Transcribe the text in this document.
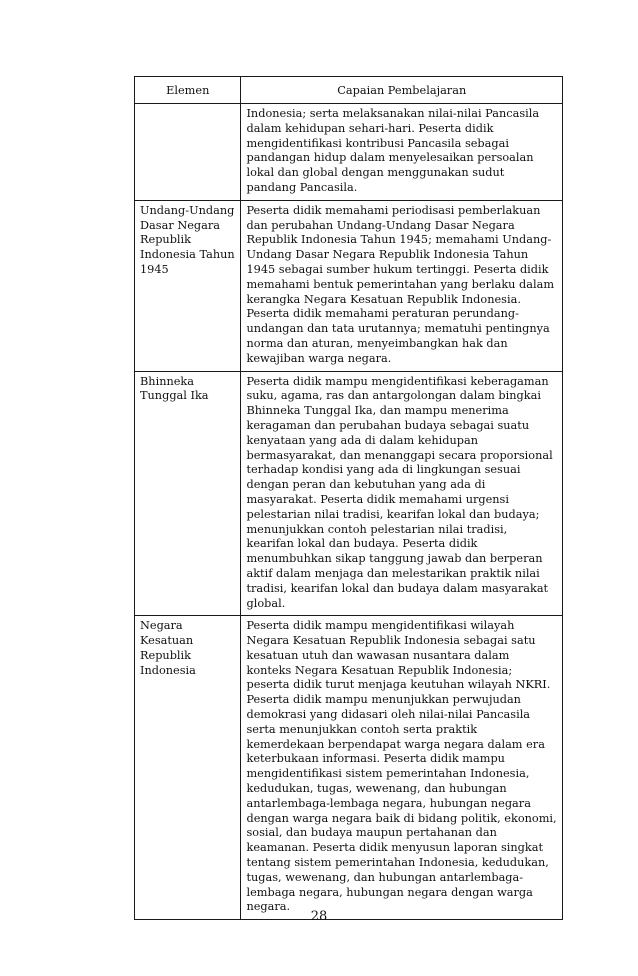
Elemen	Capaian Pembelajaran
	Indonesia; serta melaksanakan nilai-nilai Pancasila dalam kehidupan sehari-hari. Peserta didik mengidentifikasi kontribusi Pancasila sebagai pandangan hidup dalam menyelesaikan persoalan lokal dan global dengan menggunakan sudut pandang Pancasila.
Undang-Undang Dasar Negara Republik Indonesia Tahun 1945	Peserta didik memahami periodisasi pemberlakuan dan perubahan Undang-Undang Dasar Negara Republik Indonesia Tahun 1945; memahami Undang-Undang Dasar Negara Republik Indonesia Tahun 1945 sebagai sumber hukum tertinggi. Peserta didik memahami bentuk pemerintahan yang berlaku dalam kerangka Negara Kesatuan Republik Indonesia. Peserta didik memahami peraturan perundang-undangan dan tata urutannya; mematuhi pentingnya norma dan aturan, menyeimbangkan hak dan kewajiban warga negara.
Bhinneka Tunggal Ika	Peserta didik mampu mengidentifikasi keberagaman suku, agama, ras dan antargolongan dalam bingkai Bhinneka Tunggal Ika, dan mampu menerima keragaman dan perubahan budaya sebagai suatu kenyataan yang ada di dalam kehidupan bermasyarakat, dan menanggapi secara proporsional terhadap kondisi yang ada di lingkungan sesuai dengan peran dan kebutuhan yang ada di masyarakat. Peserta didik memahami urgensi pelestarian nilai tradisi, kearifan lokal dan budaya; menunjukkan contoh pelestarian nilai tradisi, kearifan lokal dan budaya. Peserta didik menumbuhkan sikap tanggung jawab dan berperan aktif dalam menjaga dan melestarikan praktik nilai tradisi, kearifan lokal dan budaya dalam masyarakat global.
Negara Kesatuan Republik Indonesia	Peserta didik mampu mengidentifikasi wilayah Negara Kesatuan Republik Indonesia sebagai satu kesatuan utuh dan wawasan nusantara dalam konteks Negara Kesatuan Republik Indonesia; peserta didik turut menjaga keutuhan wilayah NKRI. Peserta didik mampu menunjukkan perwujudan demokrasi yang didasari oleh nilai-nilai Pancasila serta menunjukkan contoh serta praktik kemerdekaan berpendapat warga negara dalam era keterbukaan informasi. Peserta didik mampu mengidentifikasi sistem pemerintahan Indonesia, kedudukan, tugas, wewenang, dan hubungan antarlembaga-lembaga negara, hubungan negara dengan warga negara baik di bidang politik, ekonomi, sosial, dan budaya maupun pertahanan dan keamanan. Peserta didik menyusun laporan singkat tentang sistem pemerintahan Indonesia, kedudukan, tugas, wewenang, dan hubungan antarlembaga-lembaga negara, hubungan negara dengan warga negara.
28
